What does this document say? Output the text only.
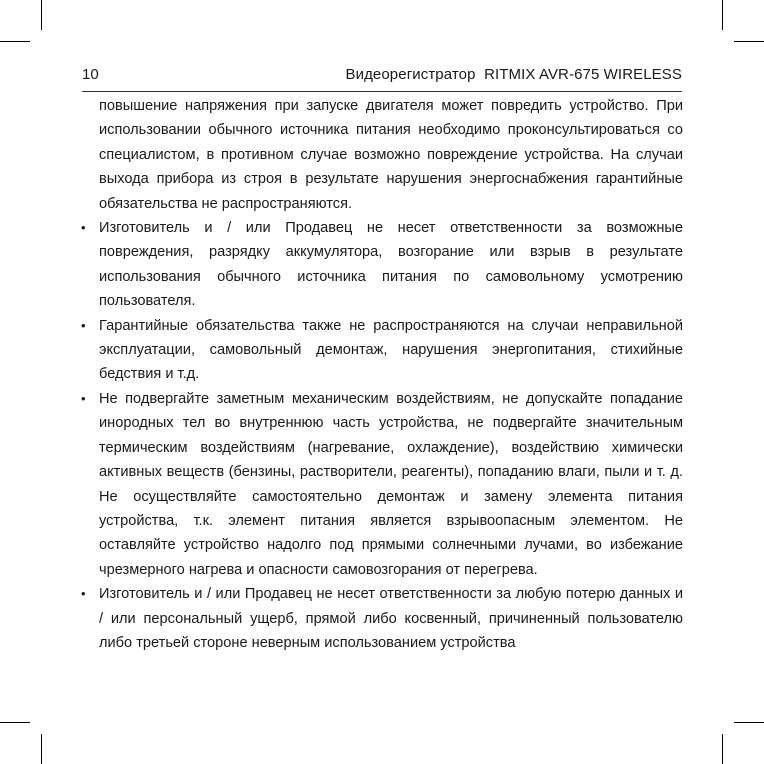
10	Видеорегистратор  RITMIX AVR-675 WIRELESS

повышение напряжения при запуске двигателя может повредить устройство. При использовании обычного источника питания необходимо проконсультироваться со специалистом, в противном случае возможно повреждение устройства. На случаи выхода прибора из строя в результате нарушения энергоснабжения гарантийные обязательства не распространяются.

• Изготовитель и / или Продавец не несет ответственности за возможные повреждения, разрядку аккумулятора, возгорание или взрыв в результате использования обычного источника питания по самовольному усмотрению пользователя.

• Гарантийные обязательства также не распространяются на случаи неправильной эксплуатации, самовольный демонтаж, нарушения энергопитания, стихийные бедствия и т.д.

• Не подвергайте заметным механическим воздействиям, не допускайте попадание инородных тел во внутреннюю часть устройства, не подвергайте значительным термическим воздействиям (нагревание, охлаждение), воздействию химически активных веществ (бензины, растворители, реагенты), попаданию влаги, пыли и т. д. Не осуществляйте самостоятельно демонтаж и замену элемента питания устройства, т.к. элемент питания является взрывоопасным элементом. Не оставляйте устройство надолго под прямыми солнечными лучами, во избежание чрезмерного нагрева и опасности самовозгорания от перегрева.

• Изготовитель и / или Продавец не несет ответственности за любую потерю данных и / или персональный ущерб, прямой либо косвенный, причиненный пользователю либо третьей стороне неверным использованием устройства
